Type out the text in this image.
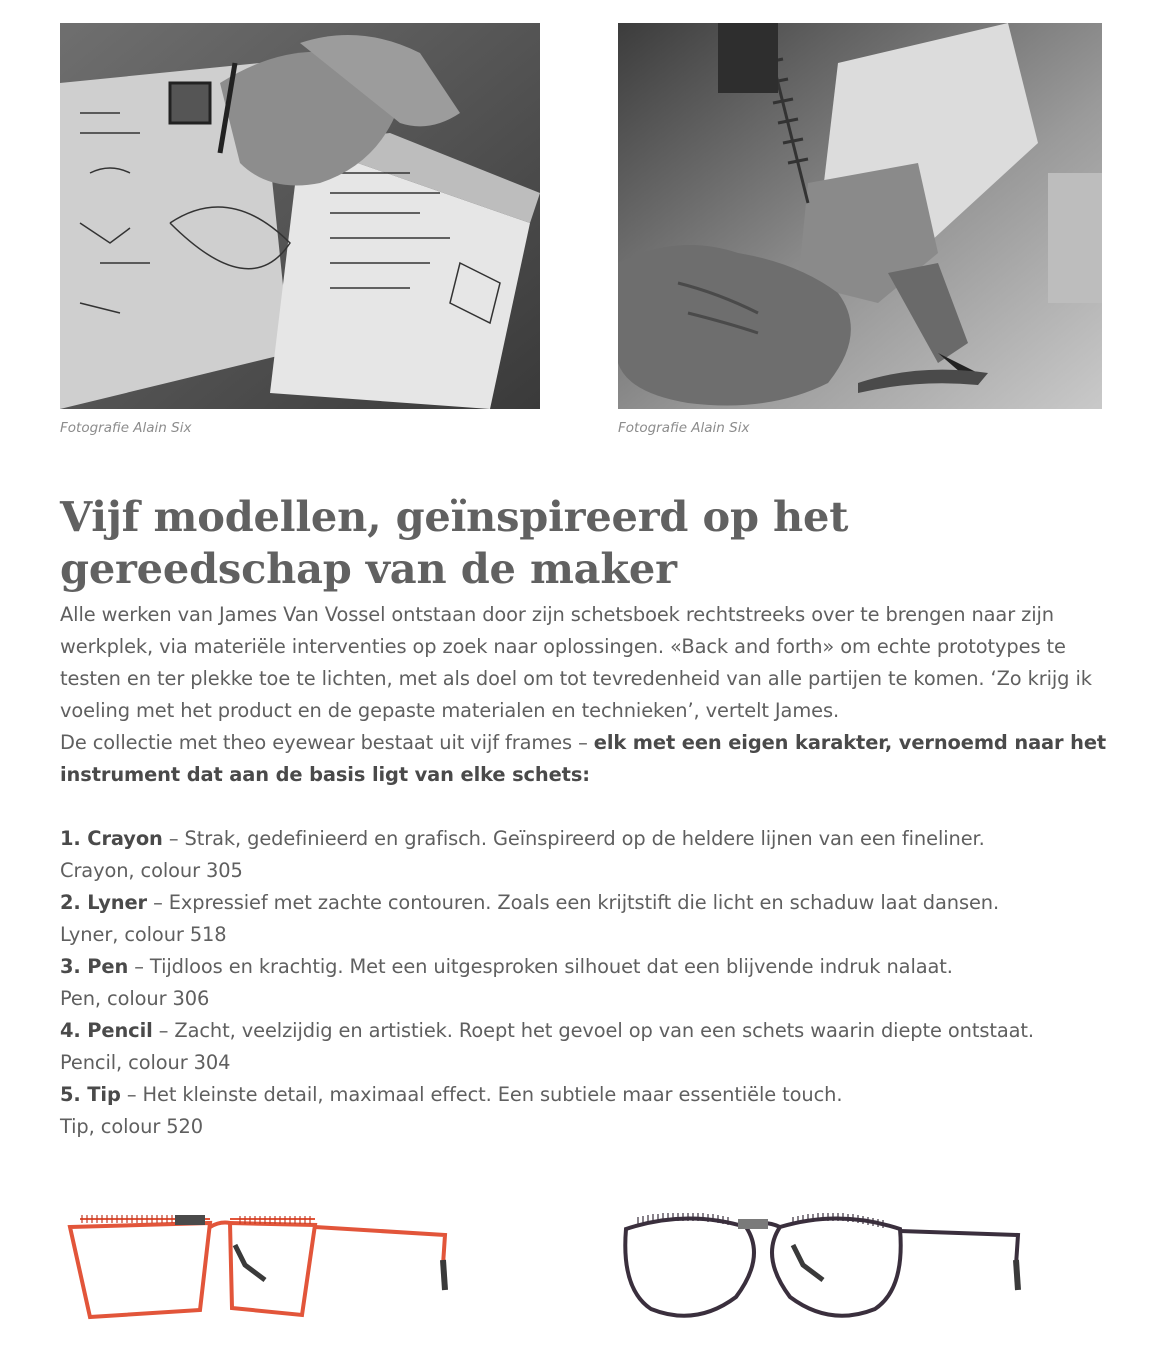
Fotografie Alain Six	Fotografie Alain Six
Vijf modellen, geïnspireerd op het gereedschap van de maker

Alle werken van James Van Vossel ontstaan door zijn schetsboek rechtstreeks over te brengen naar zijn werkplek, via materiële interventies op zoek naar oplossingen. «Back and forth» om echte prototypes te testen en ter plekke toe te lichten, met als doel om tot tevredenheid van alle partijen te komen. ‘Zo krijg ik voeling met het product en de gepaste materialen en technieken’, vertelt James.

De collectie met theo eyewear bestaat uit vijf frames – elk met een eigen karakter, vernoemd naar het instrument dat aan de basis ligt van elke schets:

1. Crayon – Strak, gedefinieerd en grafisch. Geïnspireerd op de heldere lijnen van een fineliner.
Crayon, colour 305
2. Lyner – Expressief met zachte contouren. Zoals een krijtstift die licht en schaduw laat dansen.
Lyner, colour 518
3. Pen – Tijdloos en krachtig. Met een uitgesproken silhouet dat een blijvende indruk nalaat.
Pen, colour 306
4. Pencil – Zacht, veelzijdig en artistiek. Roept het gevoel op van een schets waarin diepte ontstaat.
Pencil, colour 304
5. Tip – Het kleinste detail, maximaal effect. Een subtiele maar essentiële touch.
Tip, colour 520
